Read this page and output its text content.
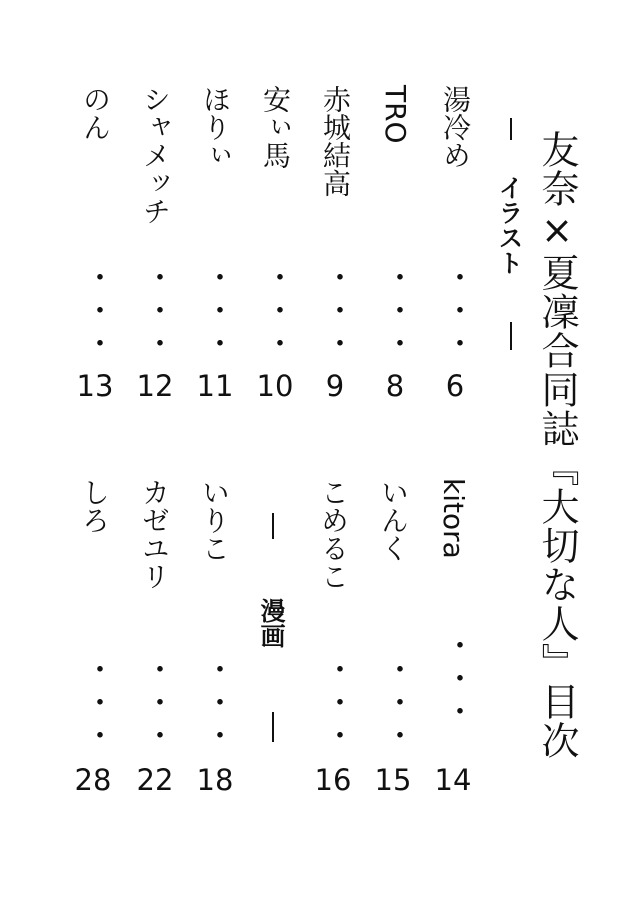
友奈×夏凜合同誌『大切な人』目次
イラスト
湯冷め
・・・
6
TRO
・・・
8
赤城結高
・・・
9
安ぃ馬
・・・
10
ほりぃ
・・・
11
シャメッチ
・・・
12
のん
・・・
13
漫画
kitora
・・・
14
いんく
・・・
15
こめるこ
・・・
16
いりこ
・・・
18
カゼユリ
・・・
22
しろ
・・・
28
